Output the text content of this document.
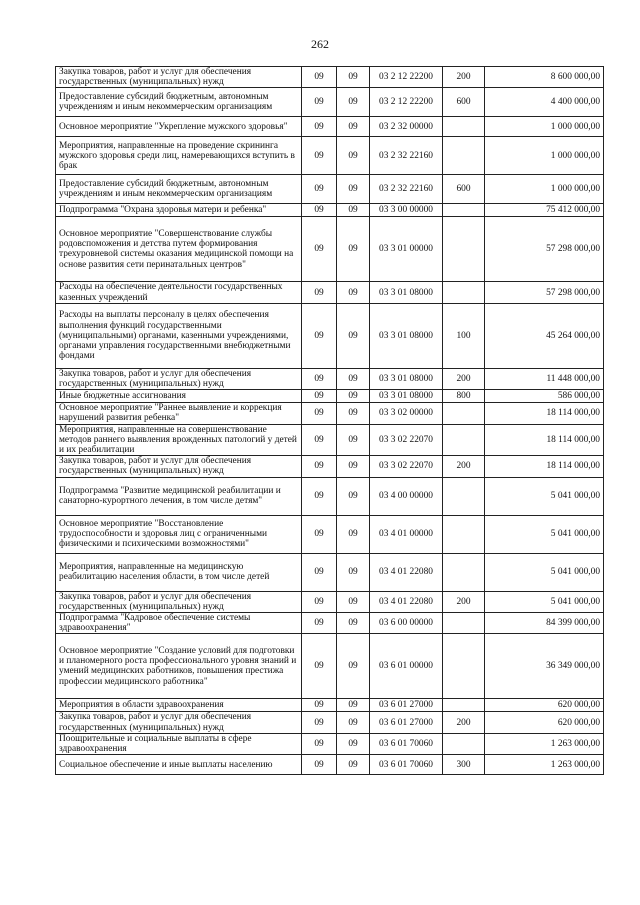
262
Закупка товаров, работ и услуг для обеспечения государственных (муниципальных) нужд	09	09	03 2 12 22200	200	8 600 000,00
Предоставление субсидий бюджетным, автономным учреждениям и иным некоммерческим организациям	09	09	03 2 12 22200	600	4 400 000,00
Основное мероприятие "Укрепление мужского здоровья"	09	09	03 2 32 00000		1 000 000,00
Мероприятия, направленные на проведение скрининга мужского здоровья среди лиц, намеревающихся вступить в брак	09	09	03 2 32 22160		1 000 000,00
Предоставление субсидий бюджетным, автономным учреждениям и иным некоммерческим организациям	09	09	03 2 32 22160	600	1 000 000,00
Подпрограмма "Охрана здоровья матери и ребенка"	09	09	03 3 00 00000		75 412 000,00
Основное мероприятие "Совершенствование службы родовспоможения и детства путем формирования трехуровневой системы оказания медицинской помощи на основе развития сети перинатальных центров"	09	09	03 3 01 00000		57 298 000,00
Расходы на обеспечение деятельности государственных казенных учреждений	09	09	03 3 01 08000		57 298 000,00
Расходы на выплаты персоналу в целях обеспечения выполнения функций государственными (муниципальными) органами, казенными учреждениями, органами управления государственными внебюджетными фондами	09	09	03 3 01 08000	100	45 264 000,00
Закупка товаров, работ и услуг для обеспечения государственных (муниципальных) нужд	09	09	03 3 01 08000	200	11 448 000,00
Иные бюджетные ассигнования	09	09	03 3 01 08000	800	586 000,00
Основное мероприятие "Раннее выявление и коррекция нарушений развития ребенка"	09	09	03 3 02 00000		18 114 000,00
Мероприятия, направленные на совершенствование методов раннего выявления врожденных патологий у детей и их реабилитации	09	09	03 3 02 22070		18 114 000,00
Закупка товаров, работ и услуг для обеспечения государственных (муниципальных) нужд	09	09	03 3 02 22070	200	18 114 000,00
Подпрограмма "Развитие медицинской реабилитации и санаторно-курортного лечения, в том числе детям"	09	09	03 4 00 00000		5 041 000,00
Основное мероприятие "Восстановление трудоспособности и здоровья лиц с ограниченными физическими и психическими возможностями"	09	09	03 4 01 00000		5 041 000,00
Мероприятия, направленные на медицинскую реабилитацию населения области, в том числе детей	09	09	03 4 01 22080		5 041 000,00
Закупка товаров, работ и услуг для обеспечения государственных (муниципальных) нужд	09	09	03 4 01 22080	200	5 041 000,00
Подпрограмма "Кадровое обеспечение системы здравоохранения"	09	09	03 6 00 00000		84 399 000,00
Основное мероприятие "Создание условий для подготовки и планомерного роста профессионального уровня знаний и умений медицинских работников, повышения престижа профессии медицинского работника"	09	09	03 6 01 00000		36 349 000,00
Мероприятия в области здравоохранения	09	09	03 6 01 27000		620 000,00
Закупка товаров, работ и услуг для обеспечения государственных (муниципальных) нужд	09	09	03 6 01 27000	200	620 000,00
Поощрительные и социальные выплаты в сфере здравоохранения	09	09	03 6 01 70060		1 263 000,00
Социальное обеспечение и иные выплаты населению	09	09	03 6 01 70060	300	1 263 000,00
